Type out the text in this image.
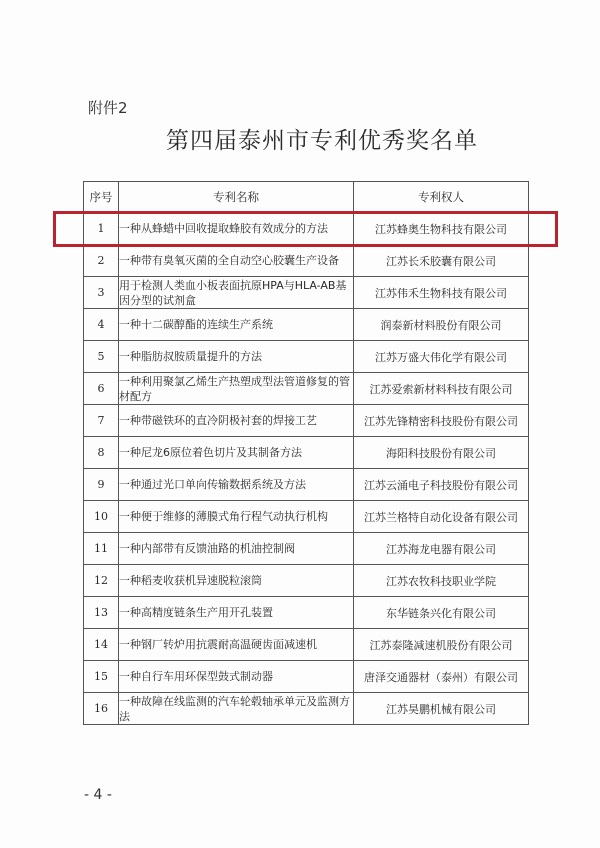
附件2
第四届泰州市专利优秀奖名单
序号	专利名称	专利权人
1	一种从蜂蜡中回收提取蜂胶有效成分的方法	江苏蜂奥生物科技有限公司
2	一种带有臭氧灭菌的全自动空心胶囊生产设备	江苏长禾胶囊有限公司
3	用于检测人类血小板表面抗原HPA与HLA-AB基因分型的试剂盒	江苏伟禾生物科技有限公司
4	一种十二碳醇酯的连续生产系统	润泰新材料股份有限公司
5	一种脂肪叔胺质量提升的方法	江苏万盛大伟化学有限公司
6	一种利用聚氯乙烯生产热塑成型法管道修复的管材配方	江苏爱索新材料科技有限公司
7	一种带磁铁环的直冷阴极衬套的焊接工艺	江苏先锋精密科技股份有限公司
8	一种尼龙6原位着色切片及其制备方法	海阳科技股份有限公司
9	一种通过光口单向传输数据系统及方法	江苏云涌电子科技股份有限公司
10	一种便于维修的薄膜式角行程气动执行机构	江苏兰格特自动化设备有限公司
11	一种内部带有反馈油路的机油控制阀	江苏海龙电器有限公司
12	一种稻麦收获机异速脱粒滚筒	江苏农牧科技职业学院
13	一种高精度链条生产用开孔装置	东华链条兴化有限公司
14	一种钢厂转炉用抗震耐高温硬齿面减速机	江苏泰隆减速机股份有限公司
15	一种自行车用环保型鼓式制动器	唐泽交通器材（泰州）有限公司
16	一种故障在线监测的汽车轮毂轴承单元及监测方法	江苏昊鹏机械有限公司
- 4 -
